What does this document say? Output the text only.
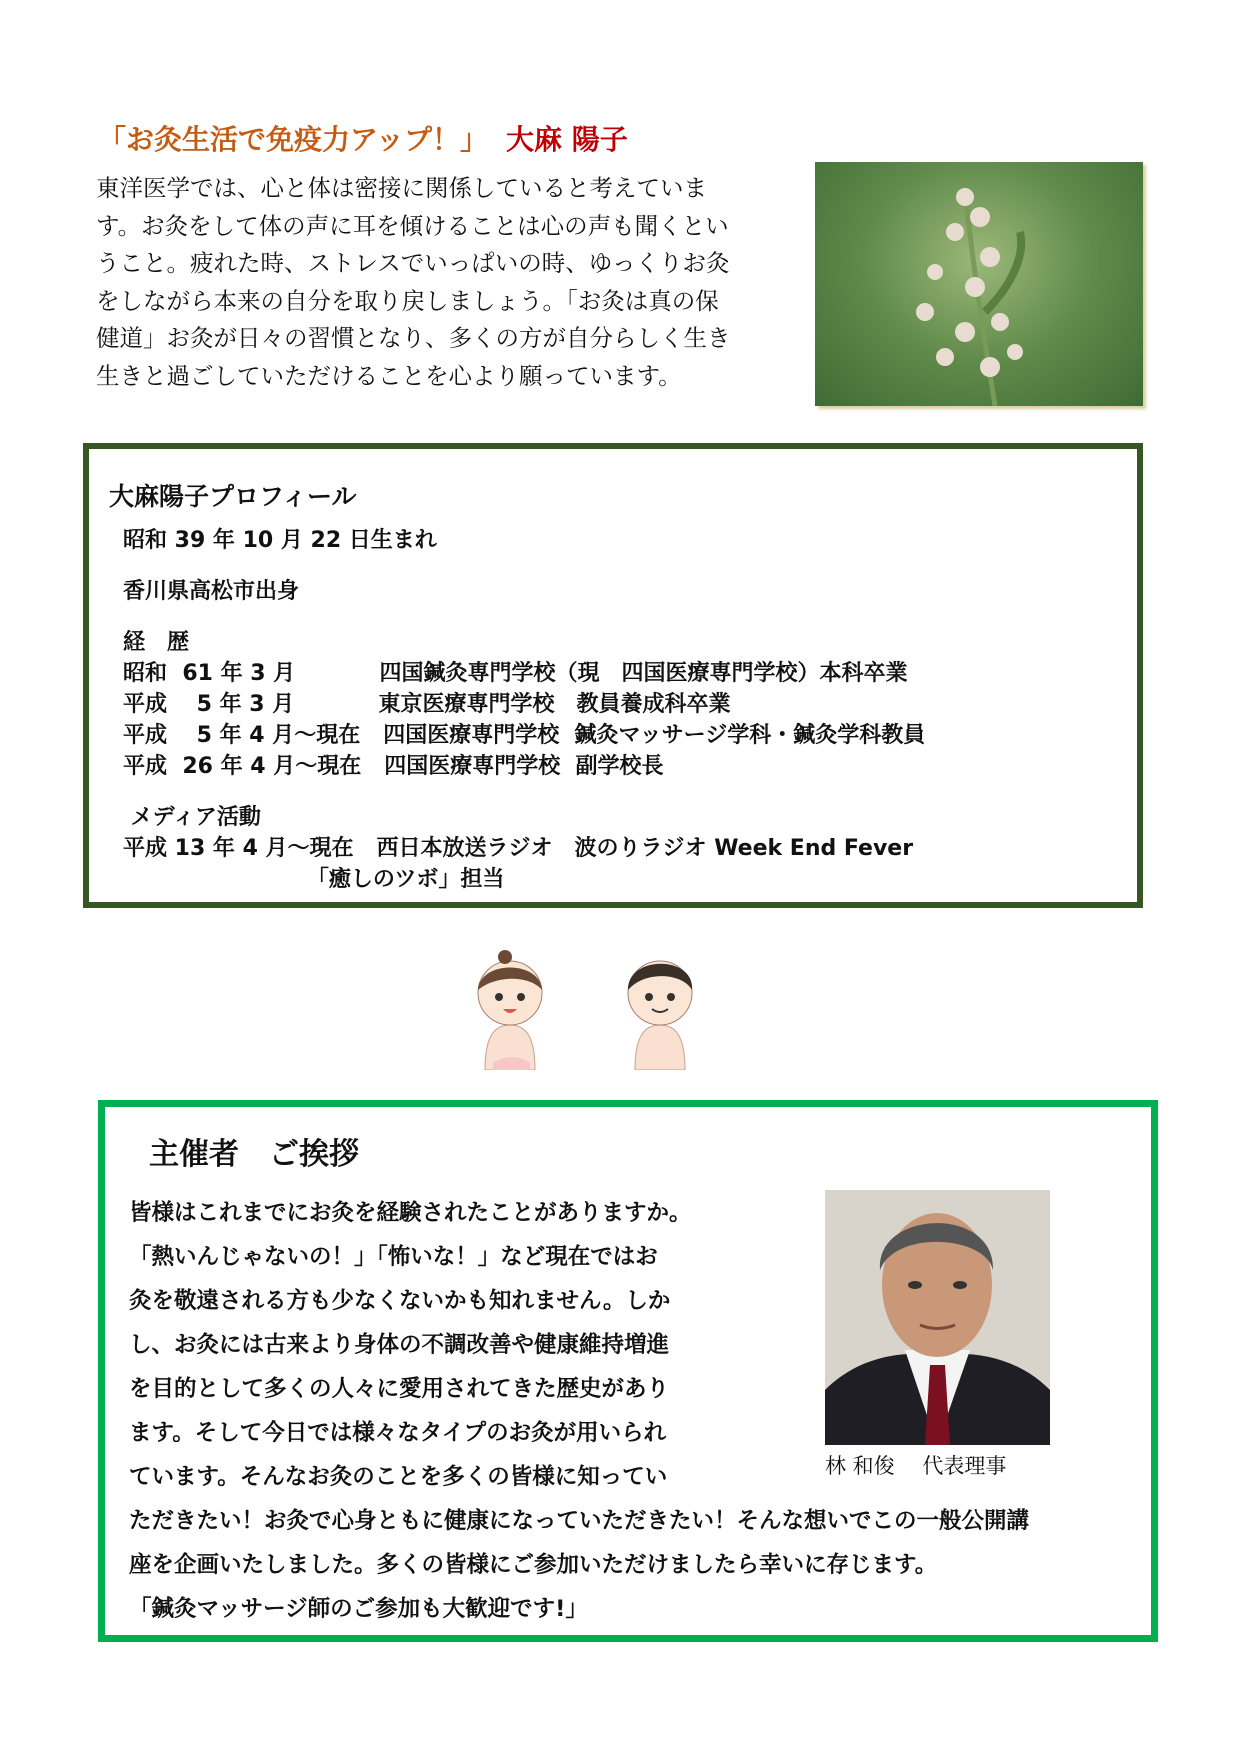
「お灸生活で免疫力アップ！」 大麻 陽子
東洋医学では、心と体は密接に関係していると考えていま
す。お灸をして体の声に耳を傾けることは心の声も聞くとい
うこと。疲れた時、ストレスでいっぱいの時、ゆっくりお灸
をしながら本来の自分を取り戻しましょう。「お灸は真の保
健道」お灸が日々の習慣となり、多くの方が自分らしく生き
生きと過ごしていただけることを心より願っています。
大麻陽子プロフィール
昭和 39 年 10 月 22 日生まれ
香川県高松市出身
経　歴
昭和  61 年 3 月           四国鍼灸専門学校（現　四国医療専門学校）本科卒業
平成　 5 年 3 月           東京医療専門学校　教員養成科卒業
平成　 5 年 4 月～現在   四国医療専門学校  鍼灸マッサージ学科・鍼灸学科教員
平成  26 年 4 月～現在   四国医療専門学校  副学校長
メディア活動
平成 13 年 4 月～現在   西日本放送ラジオ　波のりラジオ Week End Fever
「癒しのツボ」担当
主催者　ご挨拶
皆様はこれまでにお灸を経験されたことがありますか。
「熱いんじゃないの！」「怖いな！」など現在ではお
灸を敬遠される方も少なくないかも知れません。しか
し、お灸には古来より身体の不調改善や健康維持増進
を目的として多くの人々に愛用されてきた歴史があり
ます。そして今日では様々なタイプのお灸が用いられ
ています。そんなお灸のことを多くの皆様に知ってい
ただきたい！お灸で心身ともに健康になっていただきたい！そんな想いでこの一般公開講
座を企画いたしました。多くの皆様にご参加いただけましたら幸いに存じます。
「鍼灸マッサージ師のご参加も大歓迎です!」
林 和俊　 代表理事
